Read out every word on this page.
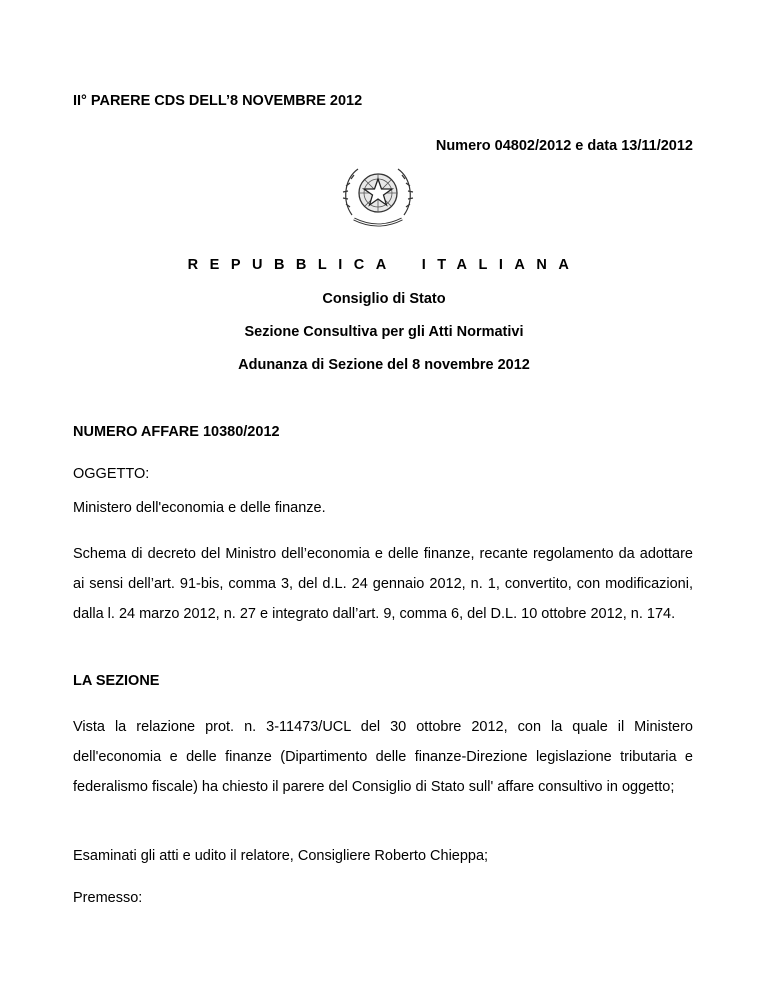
II° PARERE CDS DELL’8 NOVEMBRE 2012
Numero 04802/2012 e data 13/11/2012
REPUBBLICA ITALIANA
Consiglio di Stato
Sezione Consultiva per gli Atti Normativi
Adunanza di Sezione del 8 novembre 2012
NUMERO AFFARE 10380/2012
OGGETTO:
Ministero dell'economia e delle finanze.
Schema di decreto del Ministro dell’economia e delle finanze, recante regolamento da adottare ai sensi dell’art. 91-bis, comma 3, del d.L. 24 gennaio 2012, n. 1, convertito, con modificazioni, dalla l. 24 marzo 2012, n. 27 e integrato dall’art. 9, comma 6, del D.L. 10 ottobre 2012, n. 174.
LA SEZIONE
Vista la relazione prot. n. 3-11473/UCL del 30 ottobre 2012, con la quale il Ministero dell'economia e delle finanze (Dipartimento delle finanze-Direzione legislazione tributaria e federalismo fiscale) ha chiesto il parere del Consiglio di Stato sull' affare consultivo in oggetto;
Esaminati gli atti e udito il relatore, Consigliere Roberto Chieppa;
Premesso:
